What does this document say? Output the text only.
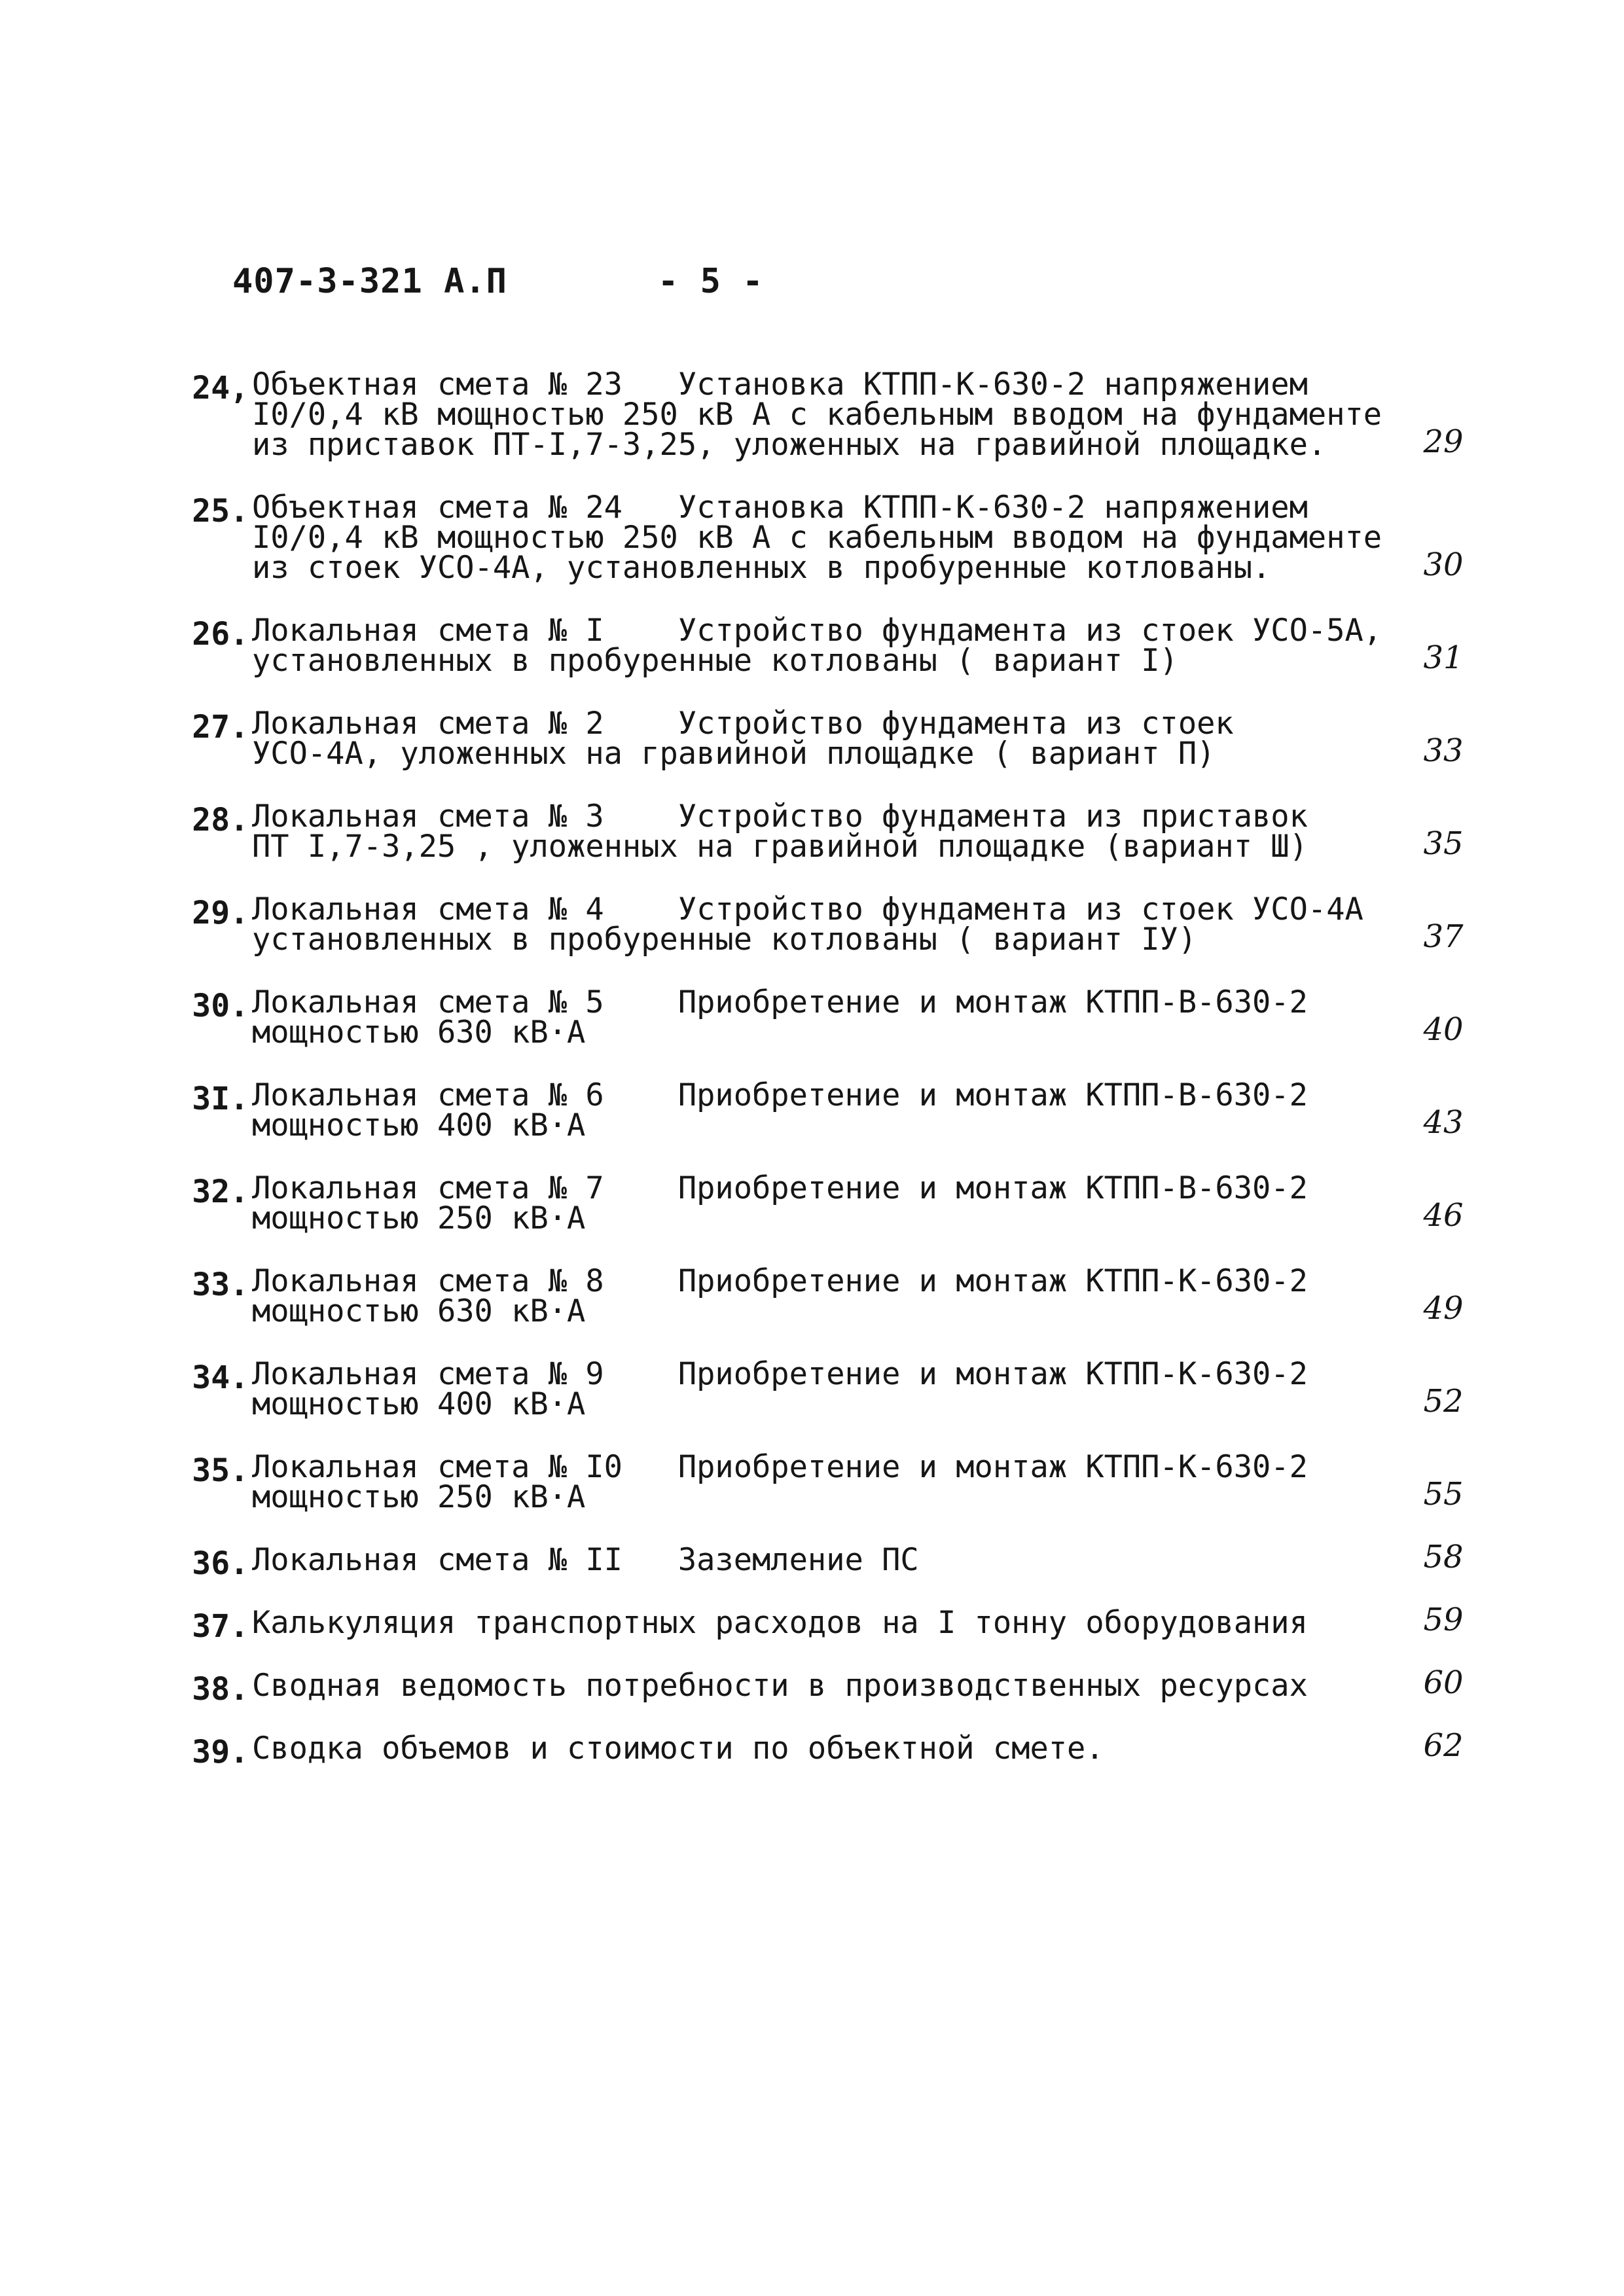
407-3-321 А.П	- 5 -
24, Объектная смета № 23   Установка КТПП-К-630-2 напряжением
I0/0,4 кВ мощностью 250 кВ А с кабельным вводом на фундаменте
из приставок ПТ-I,7-3,25, уложенных на гравийной площадке.	29
25. Объектная смета № 24   Установка КТПП-К-630-2 напряжением
I0/0,4 кВ мощностью 250 кВ А с кабельным вводом на фундаменте
из стоек УСО-4А, установленных в пробуренные котлованы.	30
26. Локальная смета № I    Устройство фундамента из стоек УСО-5А,
установленных в пробуренные котлованы ( вариант I)	31
27. Локальная смета № 2    Устройство фундамента из стоек
УСО-4А, уложенных на гравийной площадке ( вариант П)	33
28. Локальная смета № 3    Устройство фундамента из приставок
ПТ I,7-3,25 , уложенных на гравийной площадке (вариант Ш)	35
29. Локальная смета № 4    Устройство фундамента из стоек УСО-4А
установленных в пробуренные котлованы ( вариант IУ)	37
30. Локальная смета № 5    Приобретение и монтаж КТПП-В-630-2
мощностью 630 кВ·А	40
3I. Локальная смета № 6    Приобретение и монтаж КТПП-В-630-2
мощностью 400 кВ·А	43
32. Локальная смета № 7    Приобретение и монтаж КТПП-В-630-2
мощностью 250 кВ·А	46
33. Локальная смета № 8    Приобретение и монтаж КТПП-К-630-2
мощностью 630 кВ·А	49
34. Локальная смета № 9    Приобретение и монтаж КТПП-К-630-2
мощностью 400 кВ·А	52
35. Локальная смета № I0   Приобретение и монтаж КТПП-К-630-2
мощностью 250 кВ·А	55
36. Локальная смета № II   Заземление ПС	58
37. Калькуляция транспортных расходов на I тонну оборудования	59
38. Сводная ведомость потребности в производственных ресурсах	60
39. Сводка объемов и стоимости по объектной смете.	62
